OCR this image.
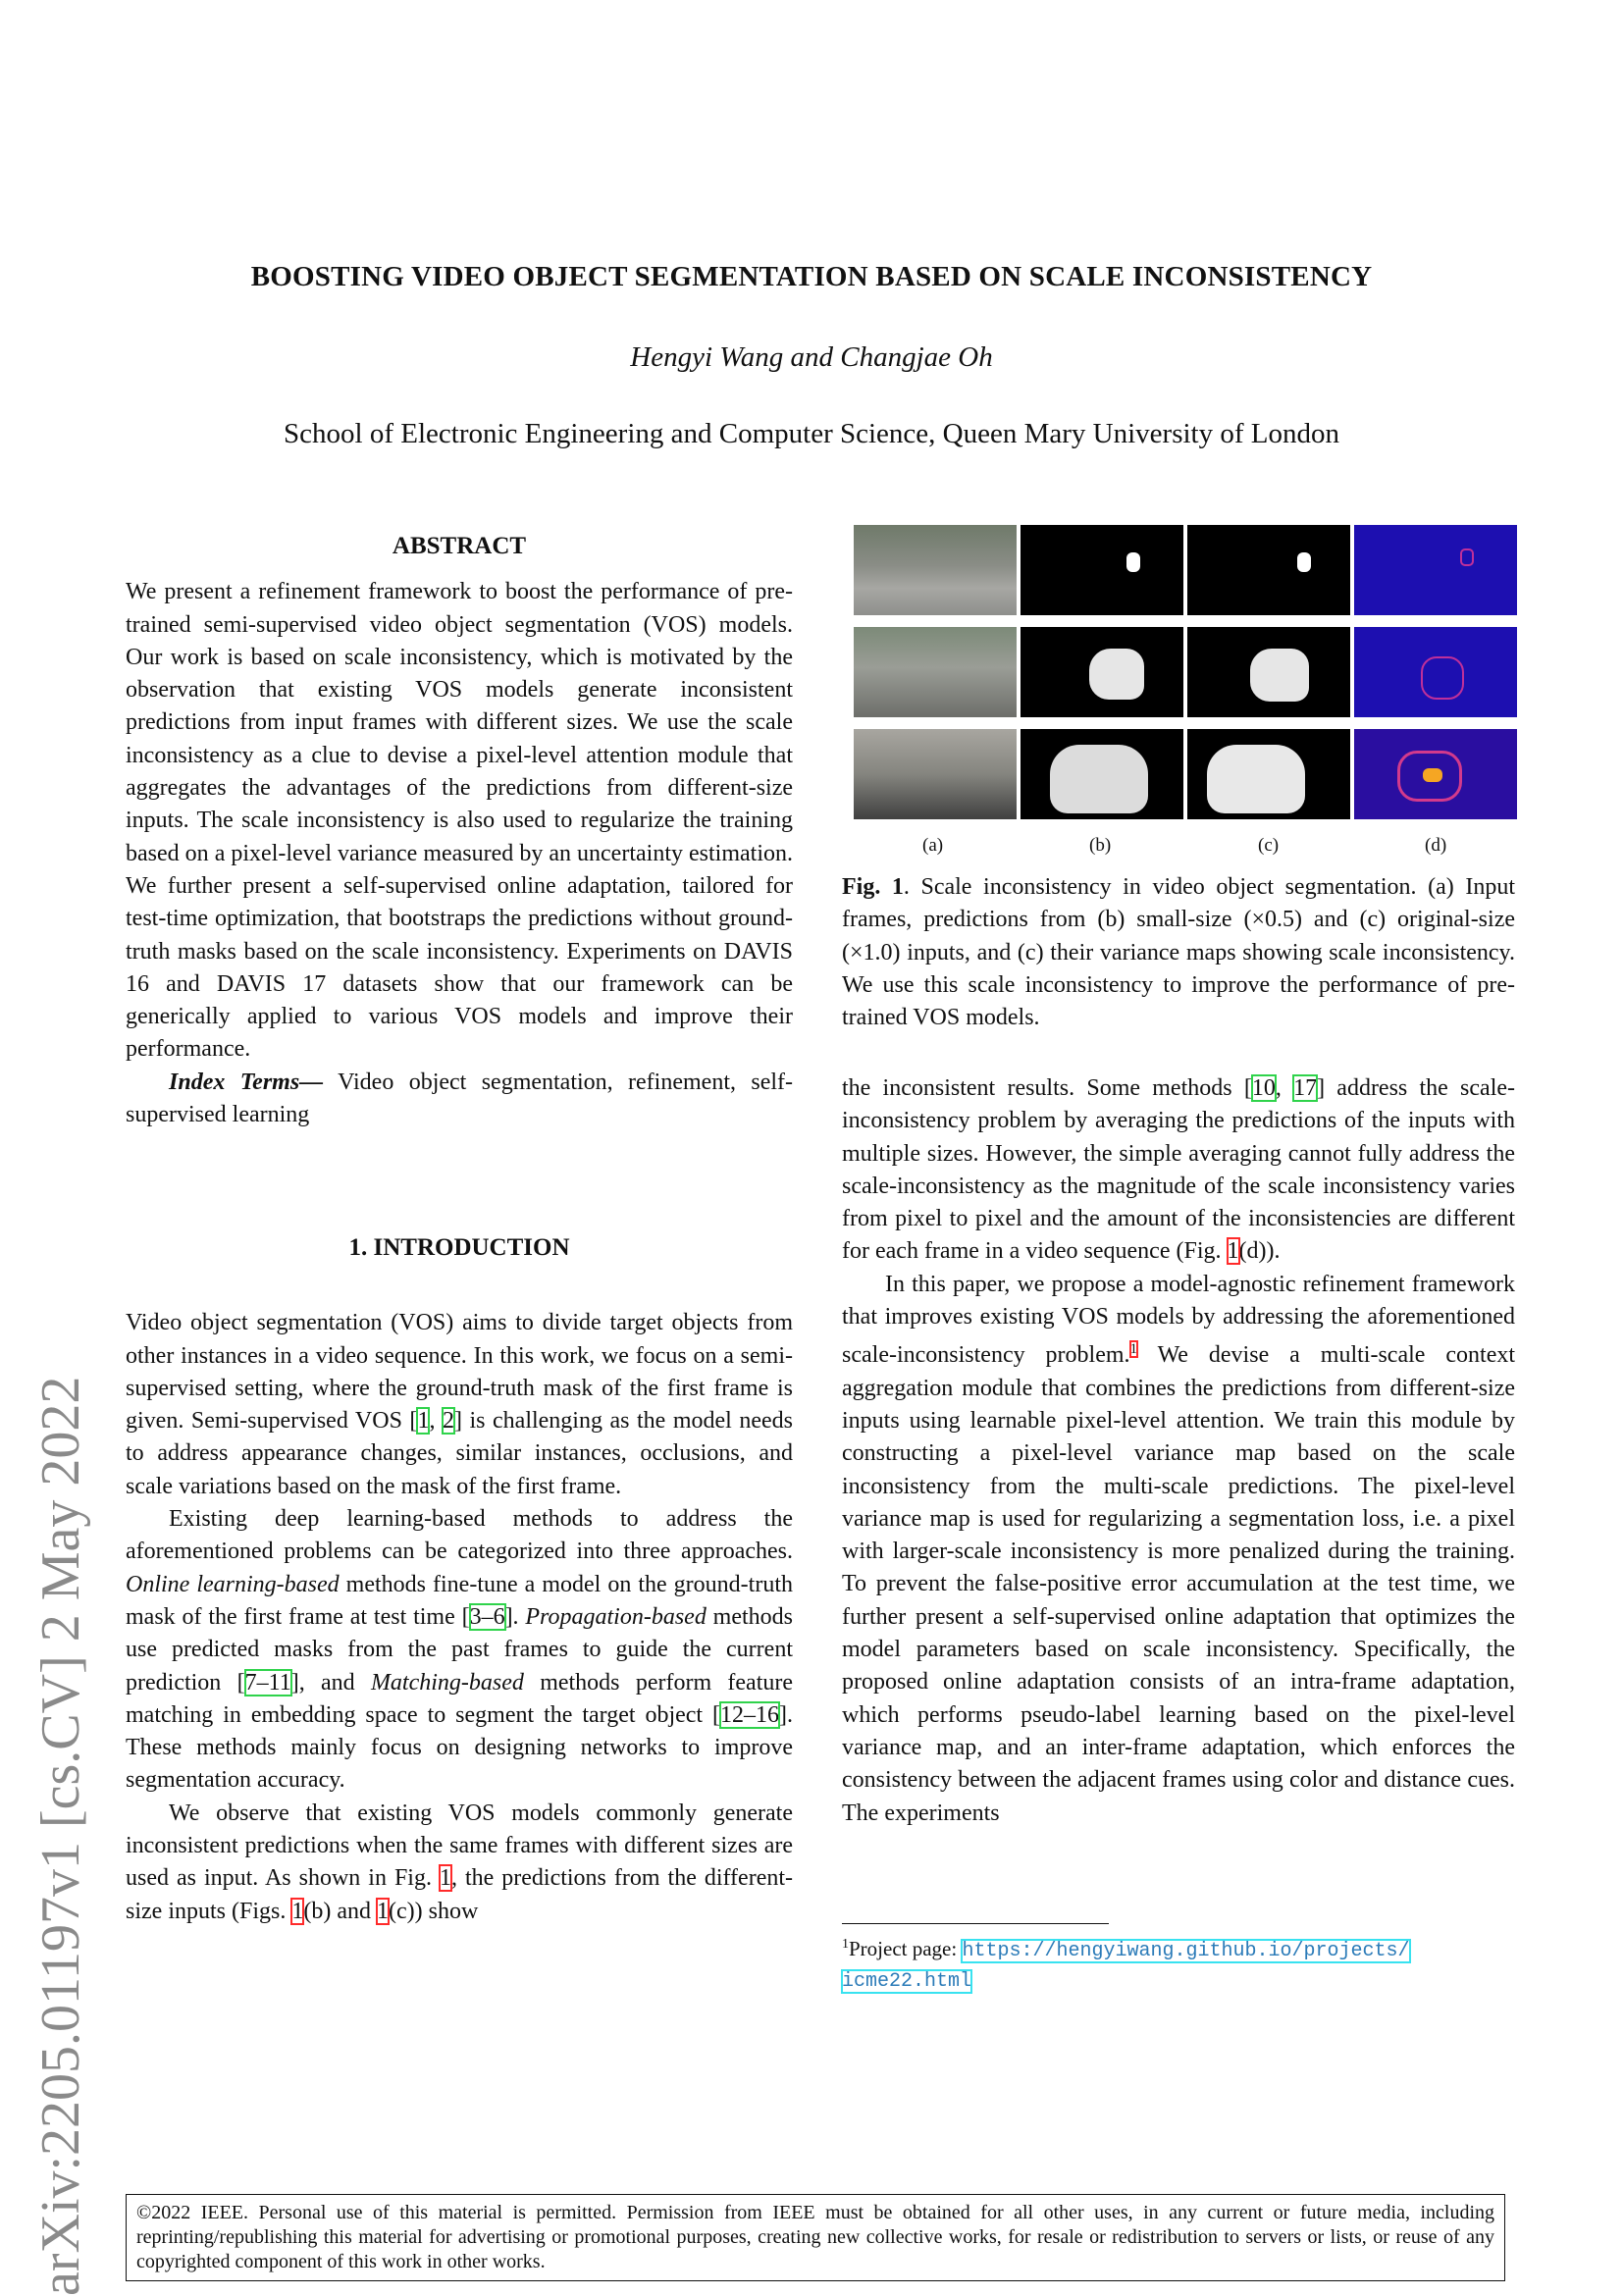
arXiv:2205.01197v1 [cs.CV] 2 May 2022
BOOSTING VIDEO OBJECT SEGMENTATION BASED ON SCALE INCONSISTENCY
Hengyi Wang and Changjae Oh
School of Electronic Engineering and Computer Science, Queen Mary University of London
ABSTRACT

We present a refinement framework to boost the performance of pre-trained semi-supervised video object segmentation (VOS) models. Our work is based on scale inconsistency, which is motivated by the observation that existing VOS models generate inconsistent predictions from input frames with different sizes. We use the scale inconsistency as a clue to devise a pixel-level attention module that aggregates the advantages of the predictions from different-size inputs. The scale inconsistency is also used to regularize the training based on a pixel-level variance measured by an uncertainty estimation. We further present a self-supervised online adaptation, tailored for test-time optimization, that bootstraps the predictions without ground-truth masks based on the scale inconsistency. Experiments on DAVIS 16 and DAVIS 17 datasets show that our framework can be generically applied to various VOS models and improve their performance.

Index Terms— Video object segmentation, refinement, self-supervised learning

1. INTRODUCTION

Video object segmentation (VOS) aims to divide target objects from other instances in a video sequence. In this work, we focus on a semi-supervised setting, where the ground-truth mask of the first frame is given. Semi-supervised VOS [1, 2] is challenging as the model needs to address appearance changes, similar instances, occlusions, and scale variations based on the mask of the first frame.

Existing deep learning-based methods to address the aforementioned problems can be categorized into three approaches. Online learning-based methods fine-tune a model on the ground-truth mask of the first frame at test time [3–6]. Propagation-based methods use predicted masks from the past frames to guide the current prediction [7–11], and Matching-based methods perform feature matching in embedding space to segment the target object [12–16]. These methods mainly focus on designing networks to improve segmentation accuracy.

We observe that existing VOS models commonly generate inconsistent predictions when the same frames with different sizes are used as input. As shown in Fig. 1, the predictions from the different-size inputs (Figs. 1(b) and 1(c)) show

(a)	(b)	(c)	(d)

Fig. 1. Scale inconsistency in video object segmentation. (a) Input frames, predictions from (b) small-size (×0.5) and (c) original-size (×1.0) inputs, and (c) their variance maps showing scale inconsistency. We use this scale inconsistency to improve the performance of pre-trained VOS models.

the inconsistent results. Some methods [10, 17] address the scale-inconsistency problem by averaging the predictions of the inputs with multiple sizes. However, the simple averaging cannot fully address the scale-inconsistency as the magnitude of the scale inconsistency varies from pixel to pixel and the amount of the inconsistencies are different for each frame in a video sequence (Fig. 1(d)).

In this paper, we propose a model-agnostic refinement framework that improves existing VOS models by addressing the aforementioned scale-inconsistency problem.$^1$ We devise a multi-scale context aggregation module that combines the predictions from different-size inputs using learnable pixel-level attention. We train this module by constructing a pixel-level variance map based on the scale inconsistency from the multi-scale predictions. The pixel-level variance map is used for regularizing a segmentation loss, i.e. a pixel with larger-scale inconsistency is more penalized during the training. To prevent the false-positive error accumulation at the test time, we further present a self-supervised online adaptation that optimizes the model parameters based on scale inconsistency. Specifically, the proposed online adaptation consists of an intra-frame adaptation, which performs pseudo-label learning based on the pixel-level variance map, and an inter-frame adaptation, which enforces the consistency between the adjacent frames using color and distance cues. The experiments

$^1$Project page: https://hengyiwang.github.io/projects/
icme22.html
©2022 IEEE. Personal use of this material is permitted. Permission from IEEE must be obtained for all other uses, in any current or future media, including reprinting/republishing this material for advertising or promotional purposes, creating new collective works, for resale or redistribution to servers or lists, or reuse of any copyrighted component of this work in other works.
